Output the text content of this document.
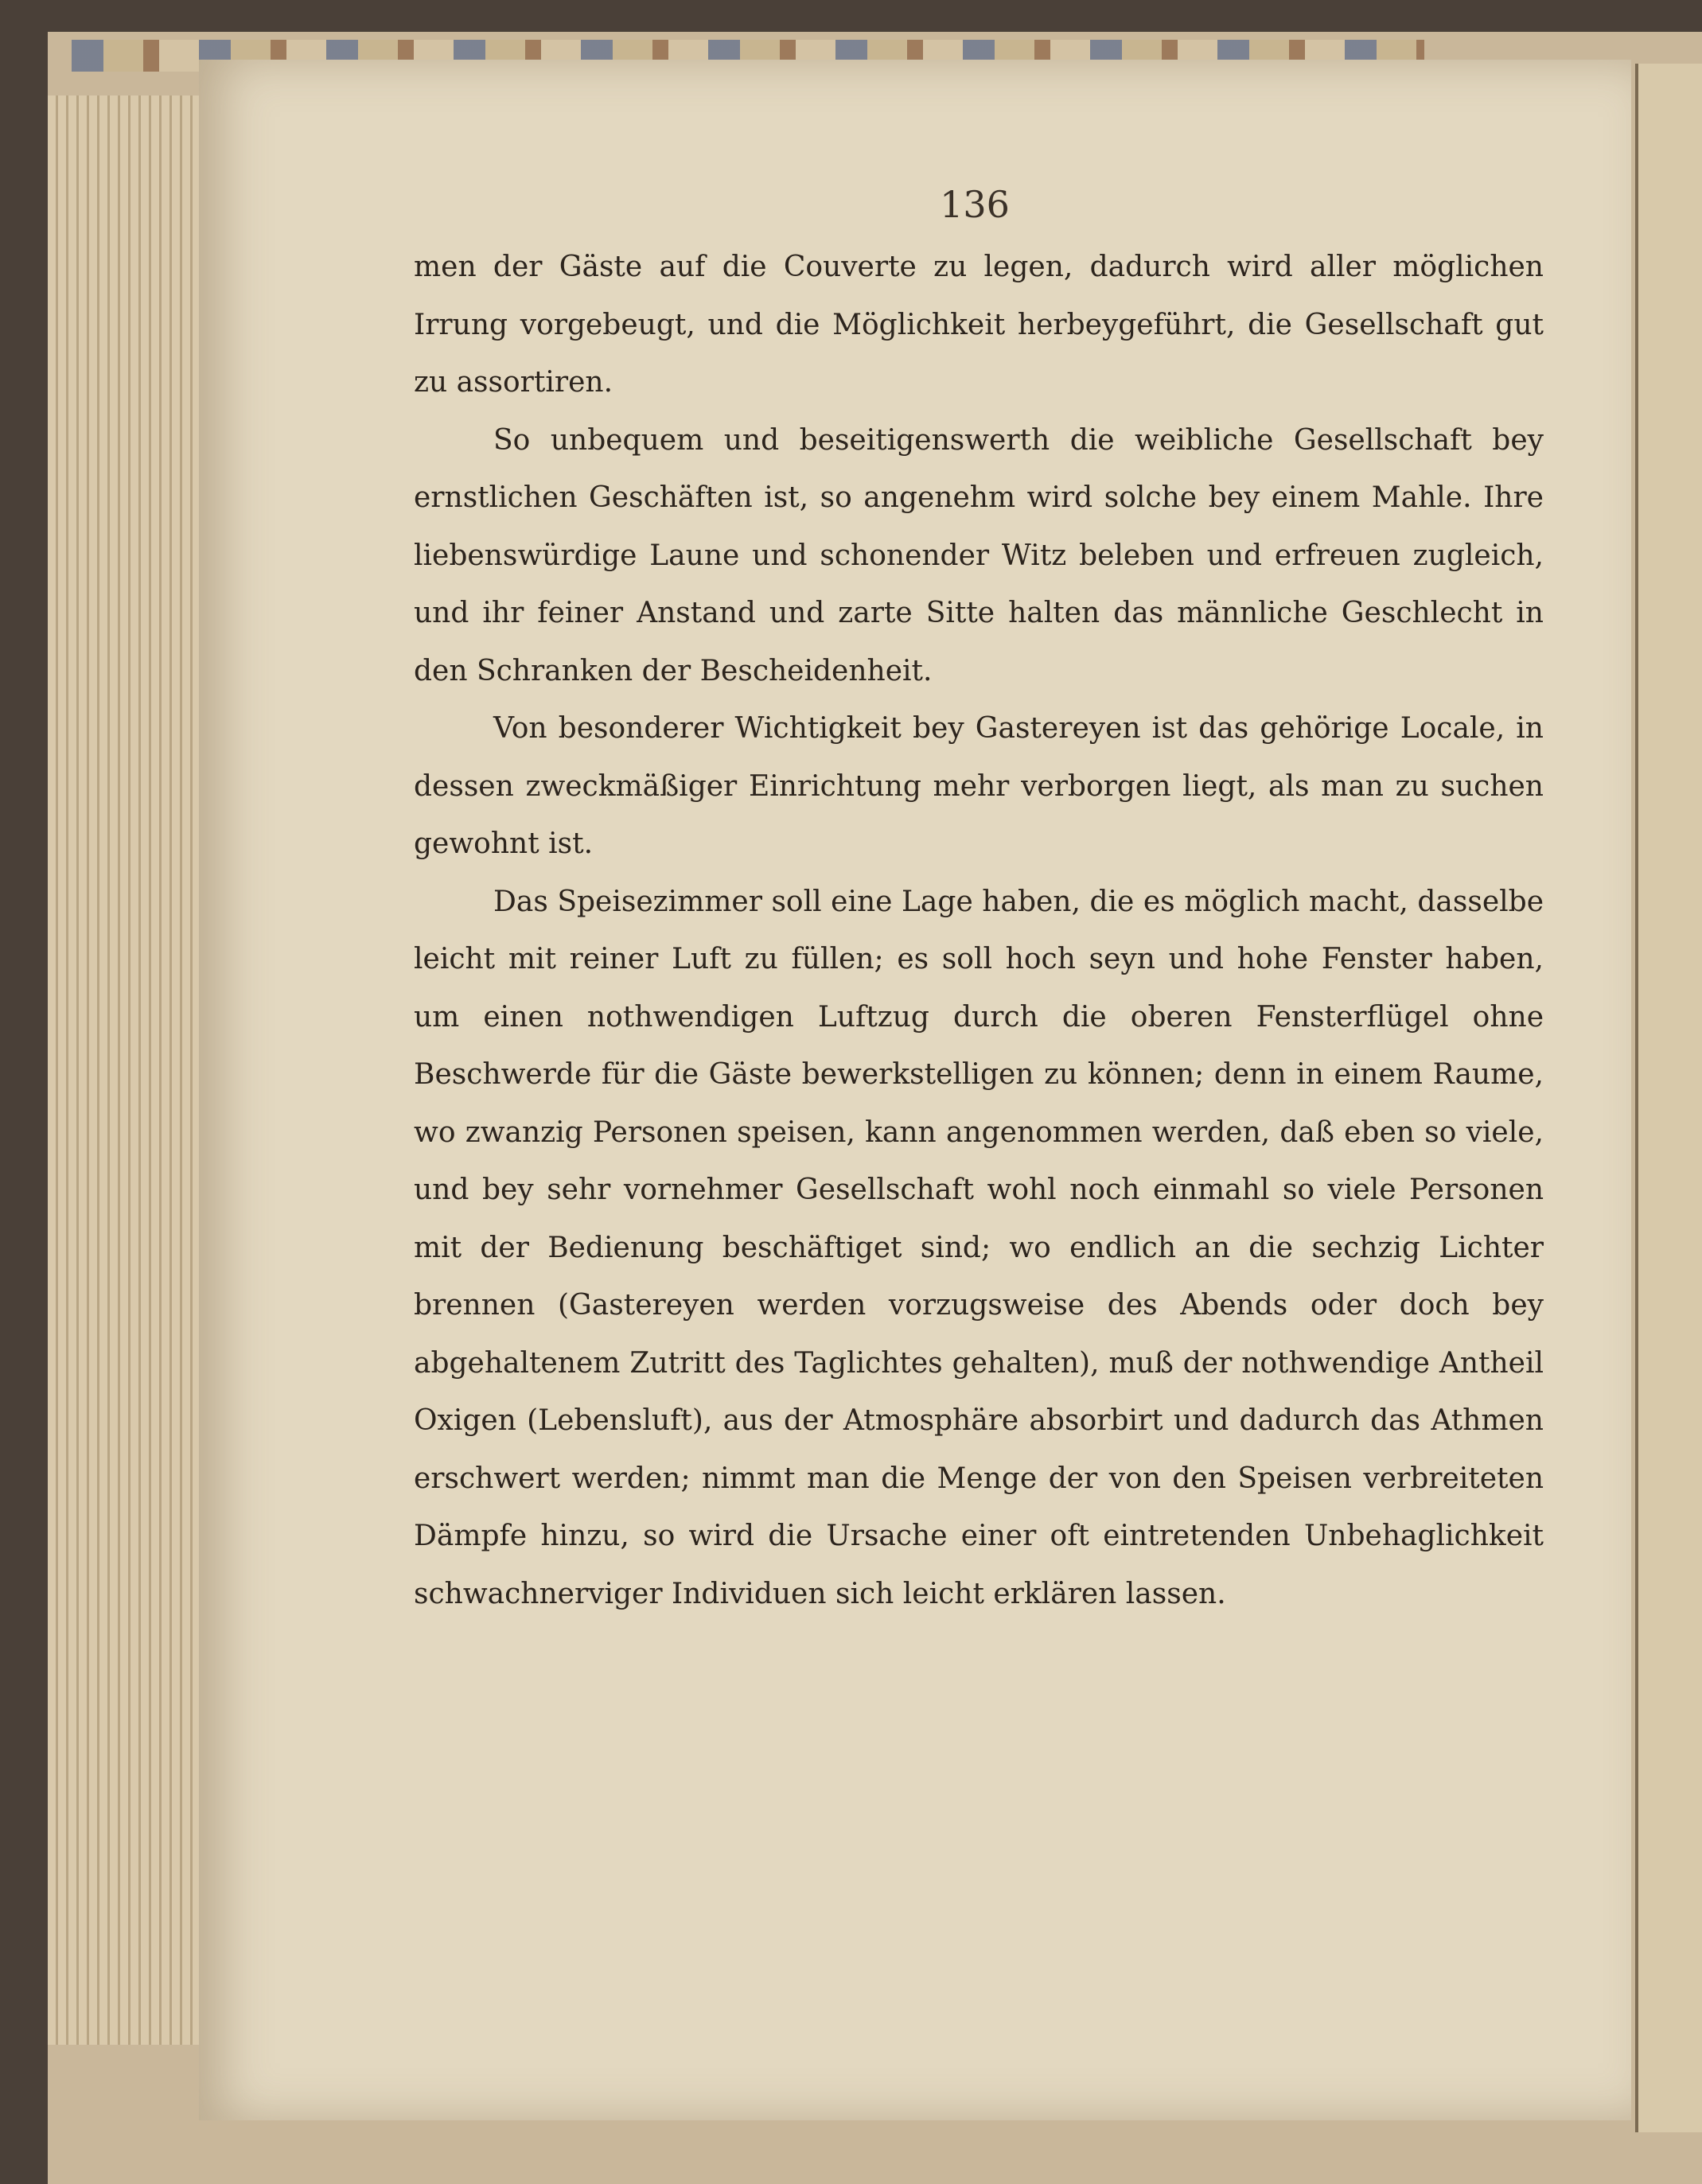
136

men der Gäste auf die Couverte zu legen, dadurch wird aller möglichen Irrung vorgebeugt, und die Möglichkeit herbeygeführt, die Gesellschaft gut zu assortiren.

So unbequem und beseitigenswerth die weibliche Gesellschaft bey ernstlichen Geschäften ist, so angenehm wird solche bey einem Mahle. Ihre liebenswürdige Laune und schonender Witz beleben und erfreuen zugleich, und ihr feiner Anstand und zarte Sitte halten das männliche Geschlecht in den Schranken der Bescheidenheit.

Von besonderer Wichtigkeit bey Gastereyen ist das gehörige Locale, in dessen zweckmäßiger Einrichtung mehr verborgen liegt, als man zu suchen gewohnt ist.

Das Speisezimmer soll eine Lage haben, die es möglich macht, dasselbe leicht mit reiner Luft zu füllen; es soll hoch seyn und hohe Fenster haben, um einen nothwendigen Luftzug durch die oberen Fensterflügel ohne Beschwerde für die Gäste bewerkstelligen zu können; denn in einem Raume, wo zwanzig Personen speisen, kann angenommen werden, daß eben so viele, und bey sehr vornehmer Gesellschaft wohl noch einmahl so viele Personen mit der Bedienung beschäftiget sind; wo endlich an die sechzig Lichter brennen (Gastereyen werden vorzugsweise des Abends oder doch bey abgehaltenem Zutritt des Taglichtes gehalten), muß der nothwendige Antheil Oxigen (Lebensluft), aus der Atmosphäre absorbirt und dadurch das Athmen erschwert werden; nimmt man die Menge der von den Speisen verbreiteten Dämpfe hinzu, so wird die Ursache einer oft eintretenden Unbehaglichkeit schwachnerviger Individuen sich leicht erklären lassen.
